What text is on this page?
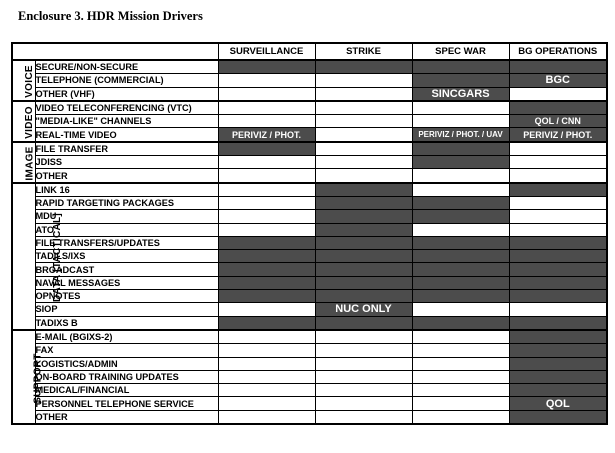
Enclosure 3. HDR Mission Drivers
		SURVEILLANCE	STRIKE	SPEC WAR	BG OPERATIONS
VOICE	SECURE/NON-SECURE				
	TELEPHONE (COMMERCIAL)				BGC
	OTHER (VHF)			SINCGARS	
VIDEO	VIDEO TELECONFERENCING (VTC)				
	"MEDIA-LIKE" CHANNELS				QOL / CNN
	REAL-TIME VIDEO	PERIVIZ / PHOT.		PERIVIZ / PHOT. / UAV	PERIVIZ / PHOT.
IMAGE	FILE TRANSFER				
	JDISS				
	OTHER				
DATA [TACTICAL]	LINK 16				
	RAPID TARGETING PACKAGES				
	MDU				
	ATO				
	FILE TRANSFERS/UPDATES				
	TADILS/IXS				
	BROADCAST				
	NAVAL MESSAGES				
	OPNOTES				
	SIOP		NUC ONLY		
	TADIXS B				
SUPPORT	E-MAIL (BGIXS-2)				
	FAX				
	LOGISTICS/ADMIN				
	ON-BOARD TRAINING UPDATES				
	MEDICAL/FINANCIAL				
	PERSONNEL TELEPHONE SERVICE				QOL
	OTHER				
